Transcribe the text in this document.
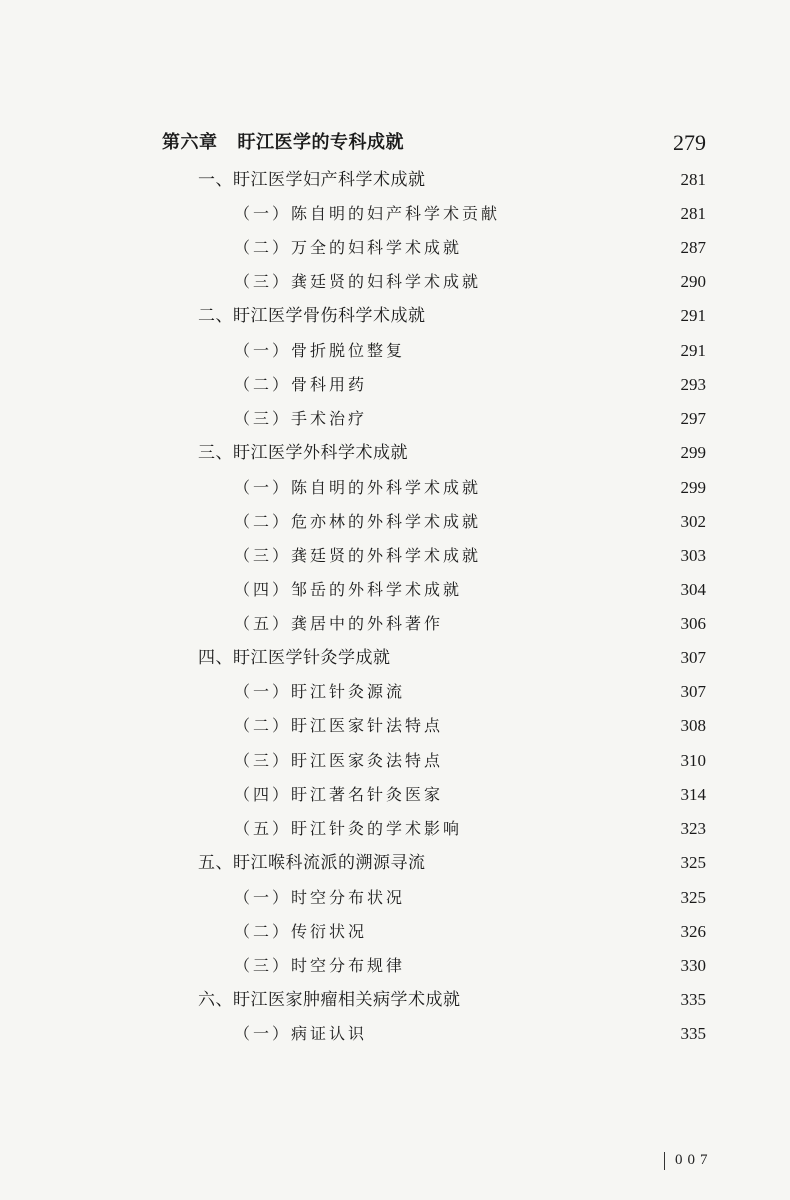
第六章 盱江医学的专科成就	279
一、盱江医学妇产科学术成就	281
（一）陈自明的妇产科学术贡献	281
（二）万全的妇科学术成就	287
（三）龚廷贤的妇科学术成就	290
二、盱江医学骨伤科学术成就	291
（一）骨折脱位整复	291
（二）骨科用药	293
（三）手术治疗	297
三、盱江医学外科学术成就	299
（一）陈自明的外科学术成就	299
（二）危亦林的外科学术成就	302
（三）龚廷贤的外科学术成就	303
（四）邹岳的外科学术成就	304
（五）龚居中的外科著作	306
四、盱江医学针灸学成就	307
（一）盱江针灸源流	307
（二）盱江医家针法特点	308
（三）盱江医家灸法特点	310
（四）盱江著名针灸医家	314
（五）盱江针灸的学术影响	323
五、盱江喉科流派的溯源寻流	325
（一）时空分布状况	325
（二）传衍状况	326
（三）时空分布规律	330
六、盱江医家肿瘤相关病学术成就	335
（一）病证认识	335
007
